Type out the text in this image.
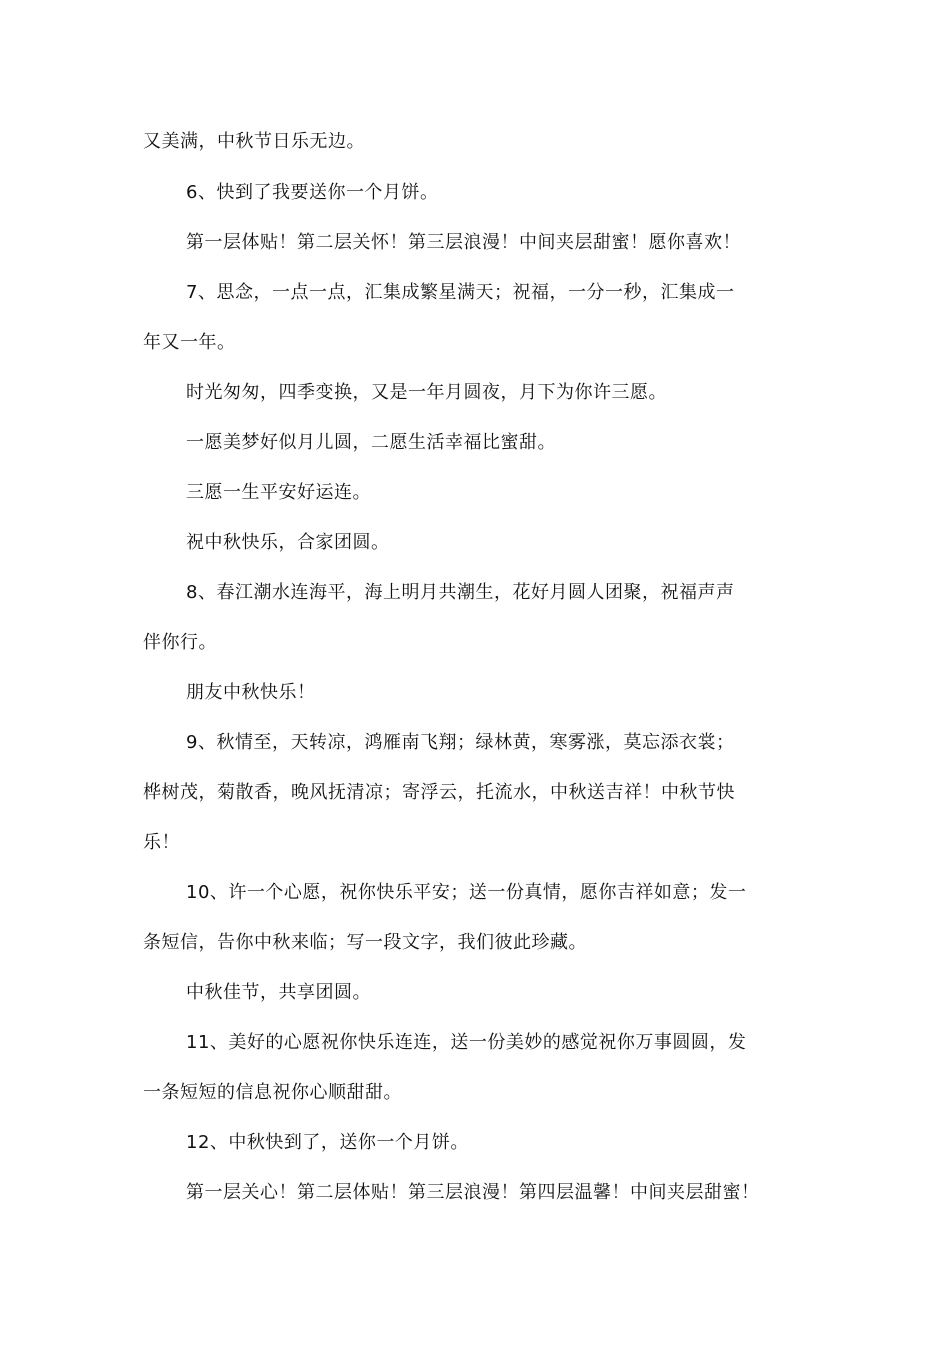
又美满，中秋节日乐无边。
6、快到了我要送你一个月饼。
第一层体贴！第二层关怀！第三层浪漫！中间夹层甜蜜！愿你喜欢！
7、思念，一点一点，汇集成繁星满天；祝福，一分一秒，汇集成一
年又一年。
时光匆匆，四季变换，又是一年月圆夜，月下为你许三愿。
一愿美梦好似月儿圆，二愿生活幸福比蜜甜。
三愿一生平安好运连。
祝中秋快乐，合家团圆。
8、春江潮水连海平，海上明月共潮生，花好月圆人团聚，祝福声声
伴你行。
朋友中秋快乐！
9、秋情至，天转凉，鸿雁南飞翔；绿林黄，寒雾涨，莫忘添衣裳；
桦树茂，菊散香，晚风抚清凉；寄浮云，托流水，中秋送吉祥！中秋节快
乐！
10、许一个心愿，祝你快乐平安；送一份真情，愿你吉祥如意；发一
条短信，告你中秋来临；写一段文字，我们彼此珍藏。
中秋佳节，共享团圆。
11、美好的心愿祝你快乐连连，送一份美妙的感觉祝你万事圆圆，发
一条短短的信息祝你心顺甜甜。
12、中秋快到了，送你一个月饼。
第一层关心！第二层体贴！第三层浪漫！第四层温馨！中间夹层甜蜜！
